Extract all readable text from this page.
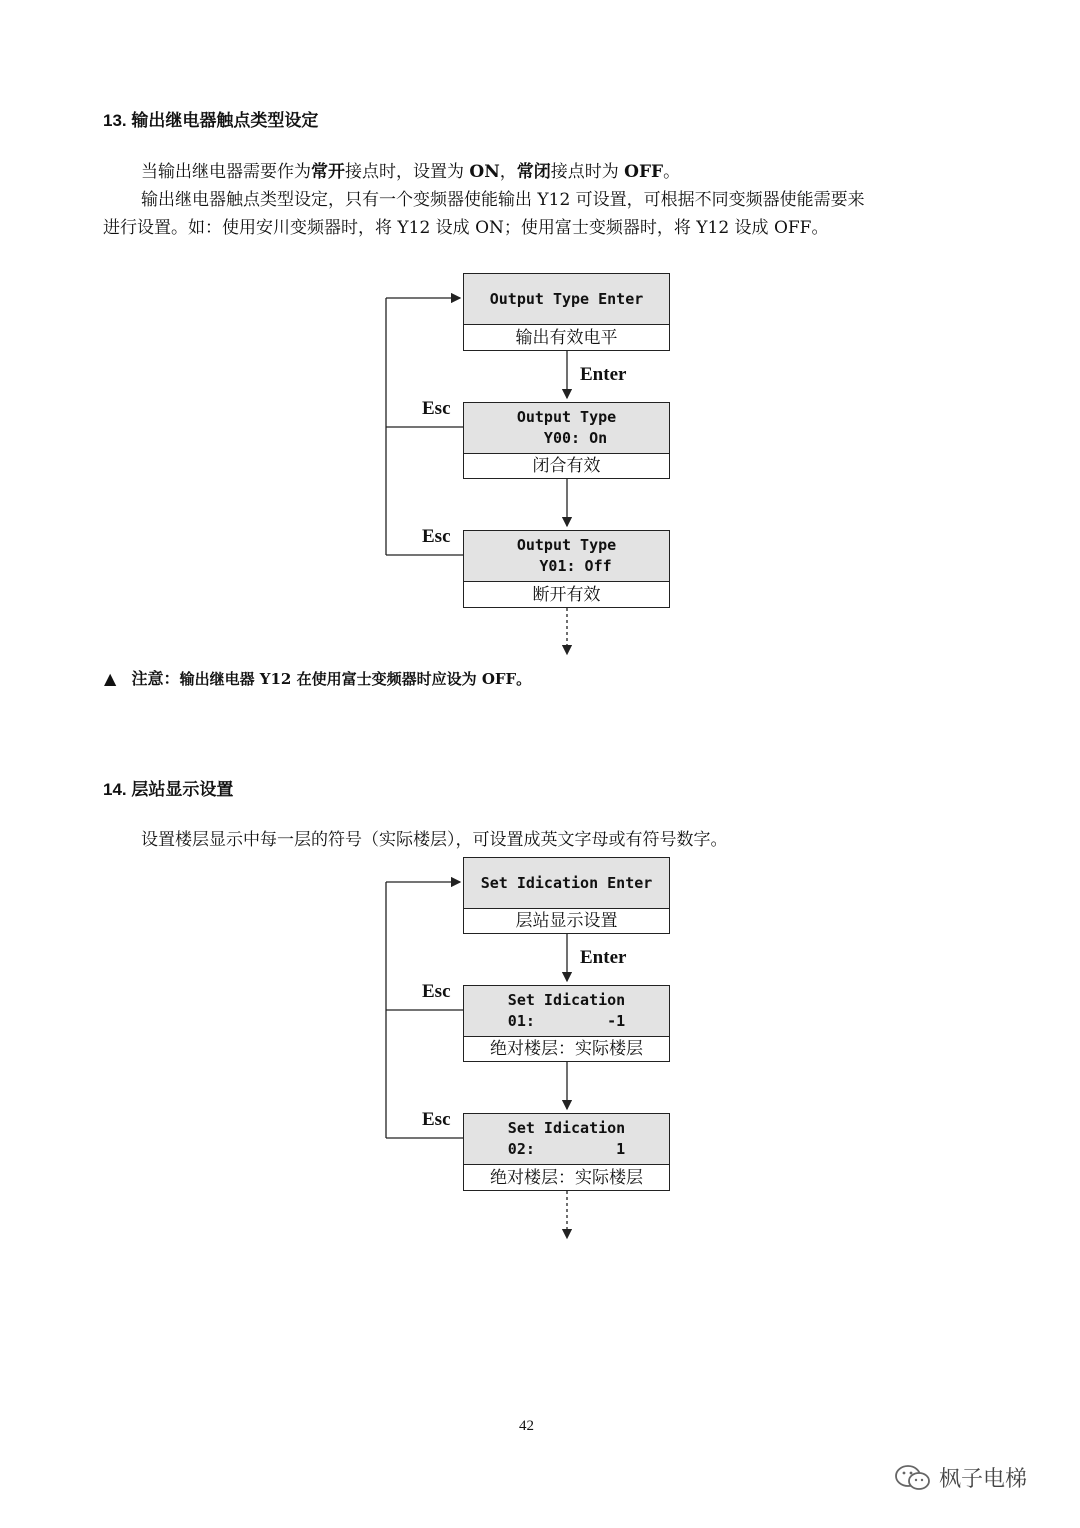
13. 输出继电器触点类型设定
当输出继电器需要作为常开接点时，设置为 ON，常闭接点时为 OFF。
输出继电器触点类型设定，只有一个变频器使能输出 Y12 可设置，可根据不同变频器使能需要来
进行设置。如：使用安川变频器时，将 Y12 设成 ON；使用富士变频器时，将 Y12 设成 OFF。
Output Type Enter
输出有效电平
Enter
Esc	Output Type
Y00: On
闭合有效
Esc	Output Type
Y01: Off
断开有效
▲ 注意：输出继电器 Y12 在使用富士变频器时应设为 OFF。
14. 层站显示设置
设置楼层显示中每一层的符号（实际楼层），可设置成英文字母或有符号数字。
Set Idication Enter
层站显示设置
Enter
Esc	Set Idication
01:        -1
绝对楼层：实际楼层
Esc	Set Idication
02:         1
绝对楼层：实际楼层
42
枫子电梯
